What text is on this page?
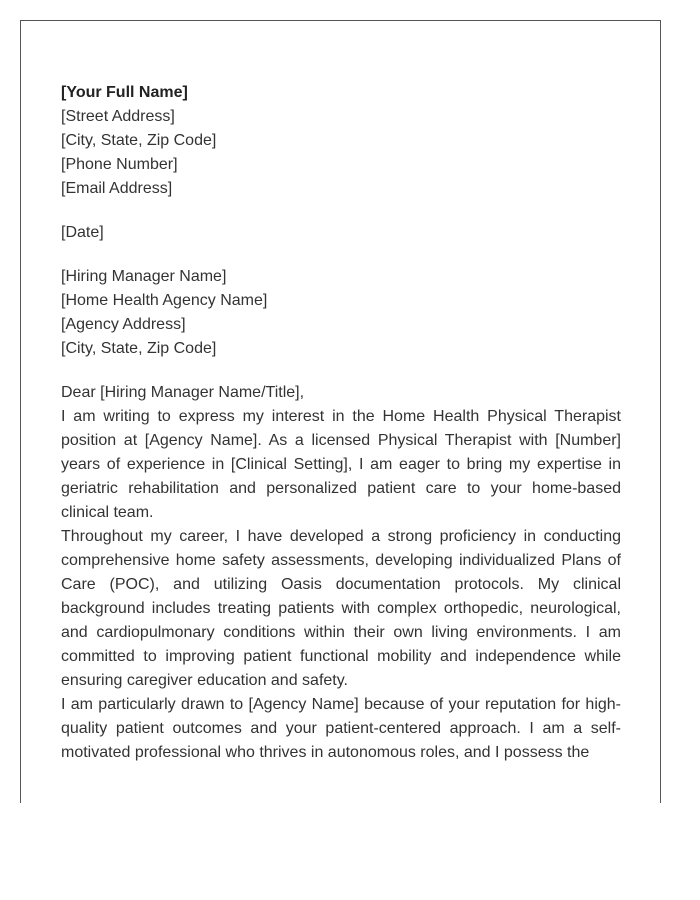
[Your Full Name]
[Street Address]
[City, State, Zip Code]
[Phone Number]
[Email Address]
[Date]
[Hiring Manager Name]
[Home Health Agency Name]
[Agency Address]
[City, State, Zip Code]
Dear [Hiring Manager Name/Title],

I am writing to express my interest in the Home Health Physical Therapist position at [Agency Name]. As a licensed Physical Therapist with [Number] years of experience in [Clinical Setting], I am eager to bring my expertise in geriatric rehabilitation and personalized patient care to your home-based clinical team.

Throughout my career, I have developed a strong proficiency in conducting comprehensive home safety assessments, developing individualized Plans of Care (POC), and utilizing Oasis documentation protocols. My clinical background includes treating patients with complex orthopedic, neurological, and cardiopulmonary conditions within their own living environments. I am committed to improving patient functional mobility and independence while ensuring caregiver education and safety.

I am particularly drawn to [Agency Name] because of your reputation for high-quality patient outcomes and your patient-centered approach. I am a self-motivated professional who thrives in autonomous roles, and I possess the
